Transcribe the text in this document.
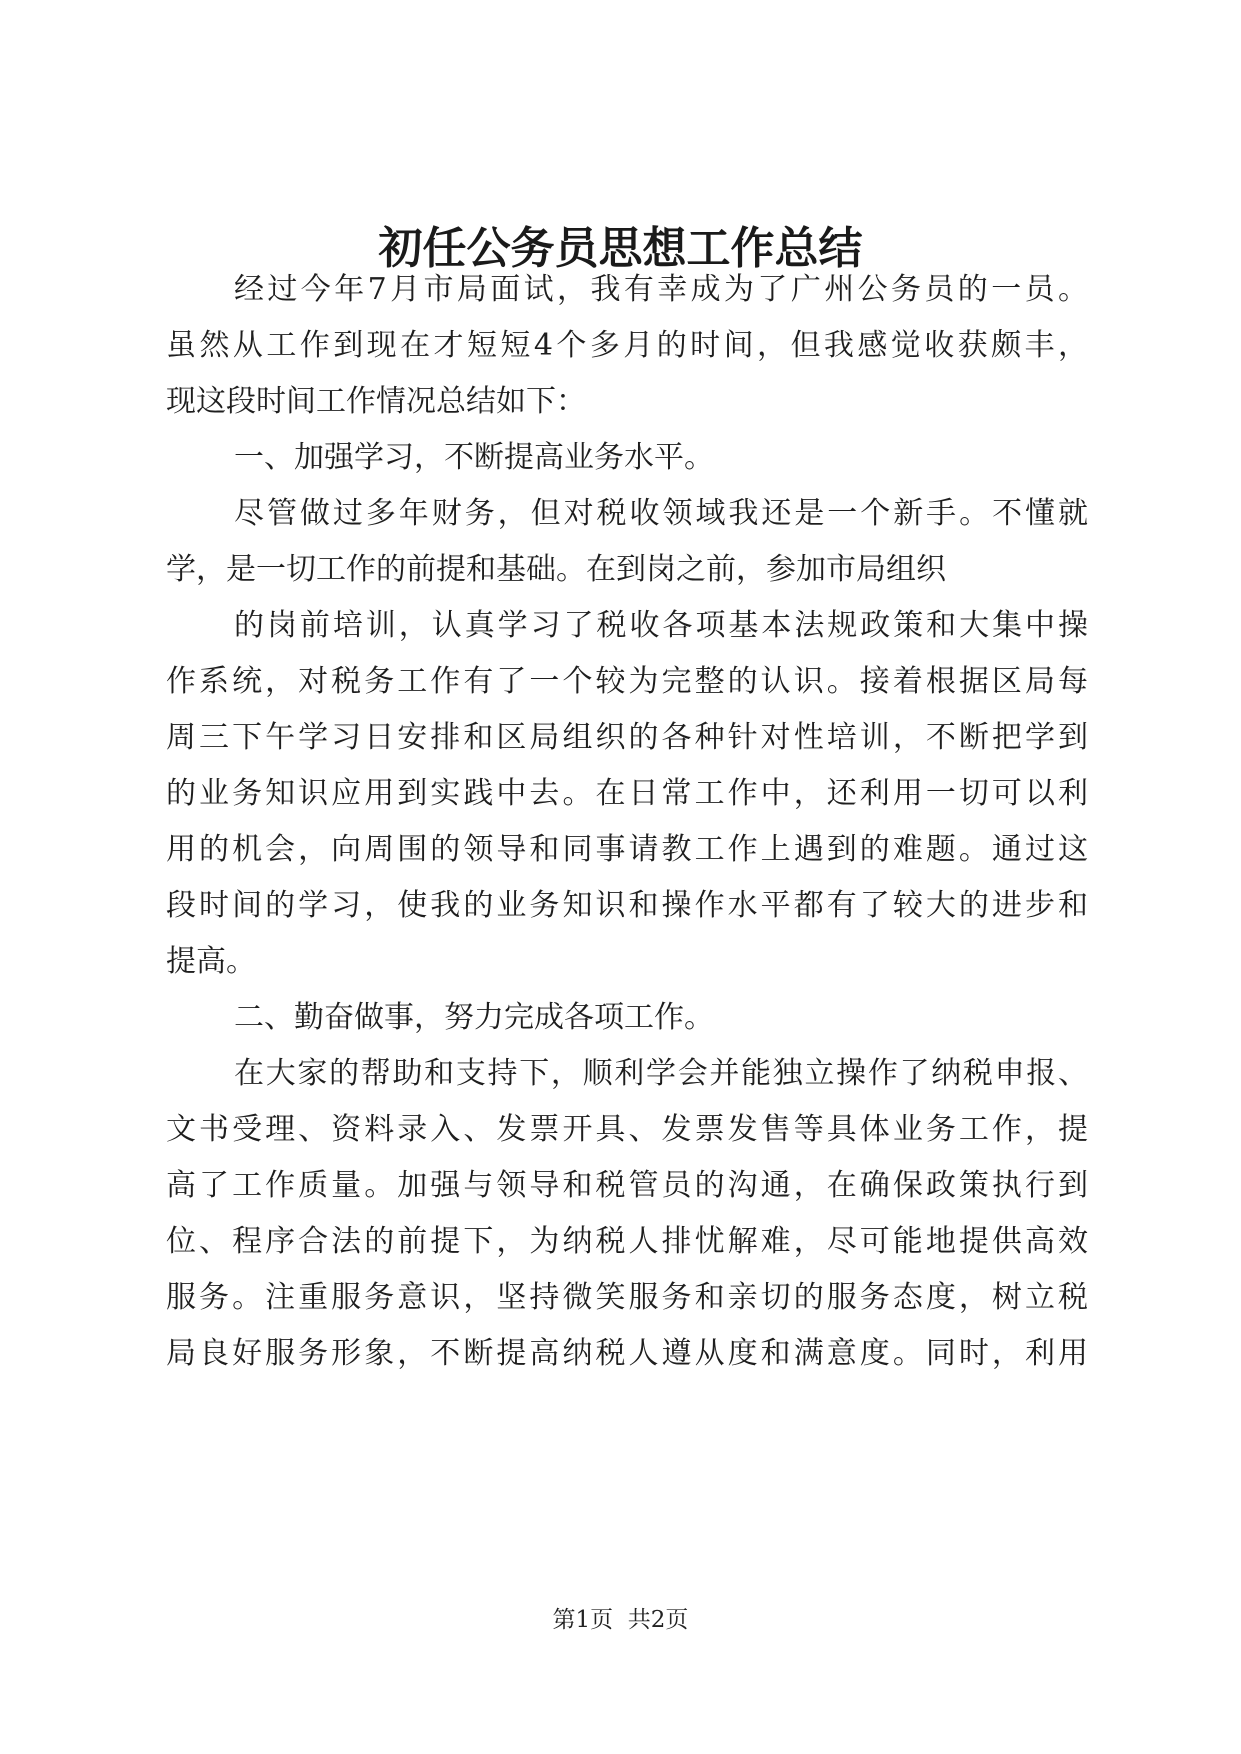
初任公务员思想工作总结

经过今年7月市局面试，我有幸成为了广州公务员的一员。

虽然从工作到现在才短短4个多月的时间，但我感觉收获颇丰，

现这段时间工作情况总结如下：

一、加强学习，不断提高业务水平。

尽管做过多年财务，但对税收领域我还是一个新手。不懂就

学，是一切工作的前提和基础。在到岗之前，参加市局组织

的岗前培训，认真学习了税收各项基本法规政策和大集中操

作系统，对税务工作有了一个较为完整的认识。接着根据区局每

周三下午学习日安排和区局组织的各种针对性培训，不断把学到

的业务知识应用到实践中去。在日常工作中，还利用一切可以利

用的机会，向周围的领导和同事请教工作上遇到的难题。通过这

段时间的学习，使我的业务知识和操作水平都有了较大的进步和

提高。

二、勤奋做事，努力完成各项工作。

在大家的帮助和支持下，顺利学会并能独立操作了纳税申报、

文书受理、资料录入、发票开具、发票发售等具体业务工作，提

高了工作质量。加强与领导和税管员的沟通，在确保政策执行到

位、程序合法的前提下，为纳税人排忧解难，尽可能地提供高效

服务。注重服务意识，坚持微笑服务和亲切的服务态度，树立税

局良好服务形象，不断提高纳税人遵从度和满意度。同时，利用

第1页  共2页
